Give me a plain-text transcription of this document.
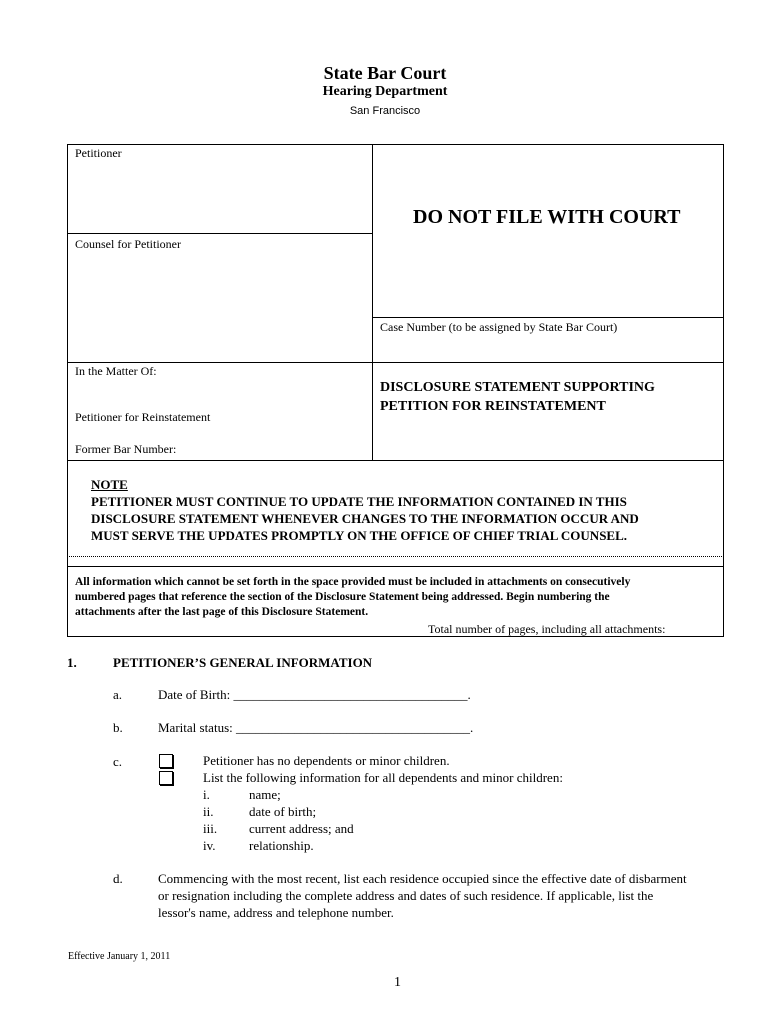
State Bar Court
Hearing Department
San Francisco
Petitioner
Counsel for Petitioner
DO NOT FILE WITH COURT
Case Number (to be assigned by State Bar Court)
In the Matter Of:
Petitioner for Reinstatement
Former Bar Number:
DISCLOSURE STATEMENT SUPPORTING
PETITION FOR REINSTATEMENT
NOTE
PETITIONER MUST CONTINUE TO UPDATE THE INFORMATION CONTAINED IN THIS
DISCLOSURE STATEMENT WHENEVER CHANGES TO THE INFORMATION OCCUR AND
MUST SERVE THE UPDATES PROMPTLY ON THE OFFICE OF CHIEF TRIAL COUNSEL.
All information which cannot be set forth in the space provided must be included in attachments on consecutively
numbered pages that reference the section of the Disclosure Statement being addressed. Begin numbering the
attachments after the last page of this Disclosure Statement.
Total number of pages, including all attachments:
1.	PETITIONER’S GENERAL INFORMATION
a.	Date of Birth: ____________________________________.
b.	Marital status: ____________________________________.
c.	Petitioner has no dependents or minor children.
List the following information for all dependents and minor children:
i.	name;
ii.	date of birth;
iii. current address; and
iv.	relationship.
d.	Commencing with the most recent, list each residence occupied since the effective date of disbarment
or resignation including the complete address and dates of such residence. If applicable, list the
lessor's name, address and telephone number.
Effective January 1, 2011
1
